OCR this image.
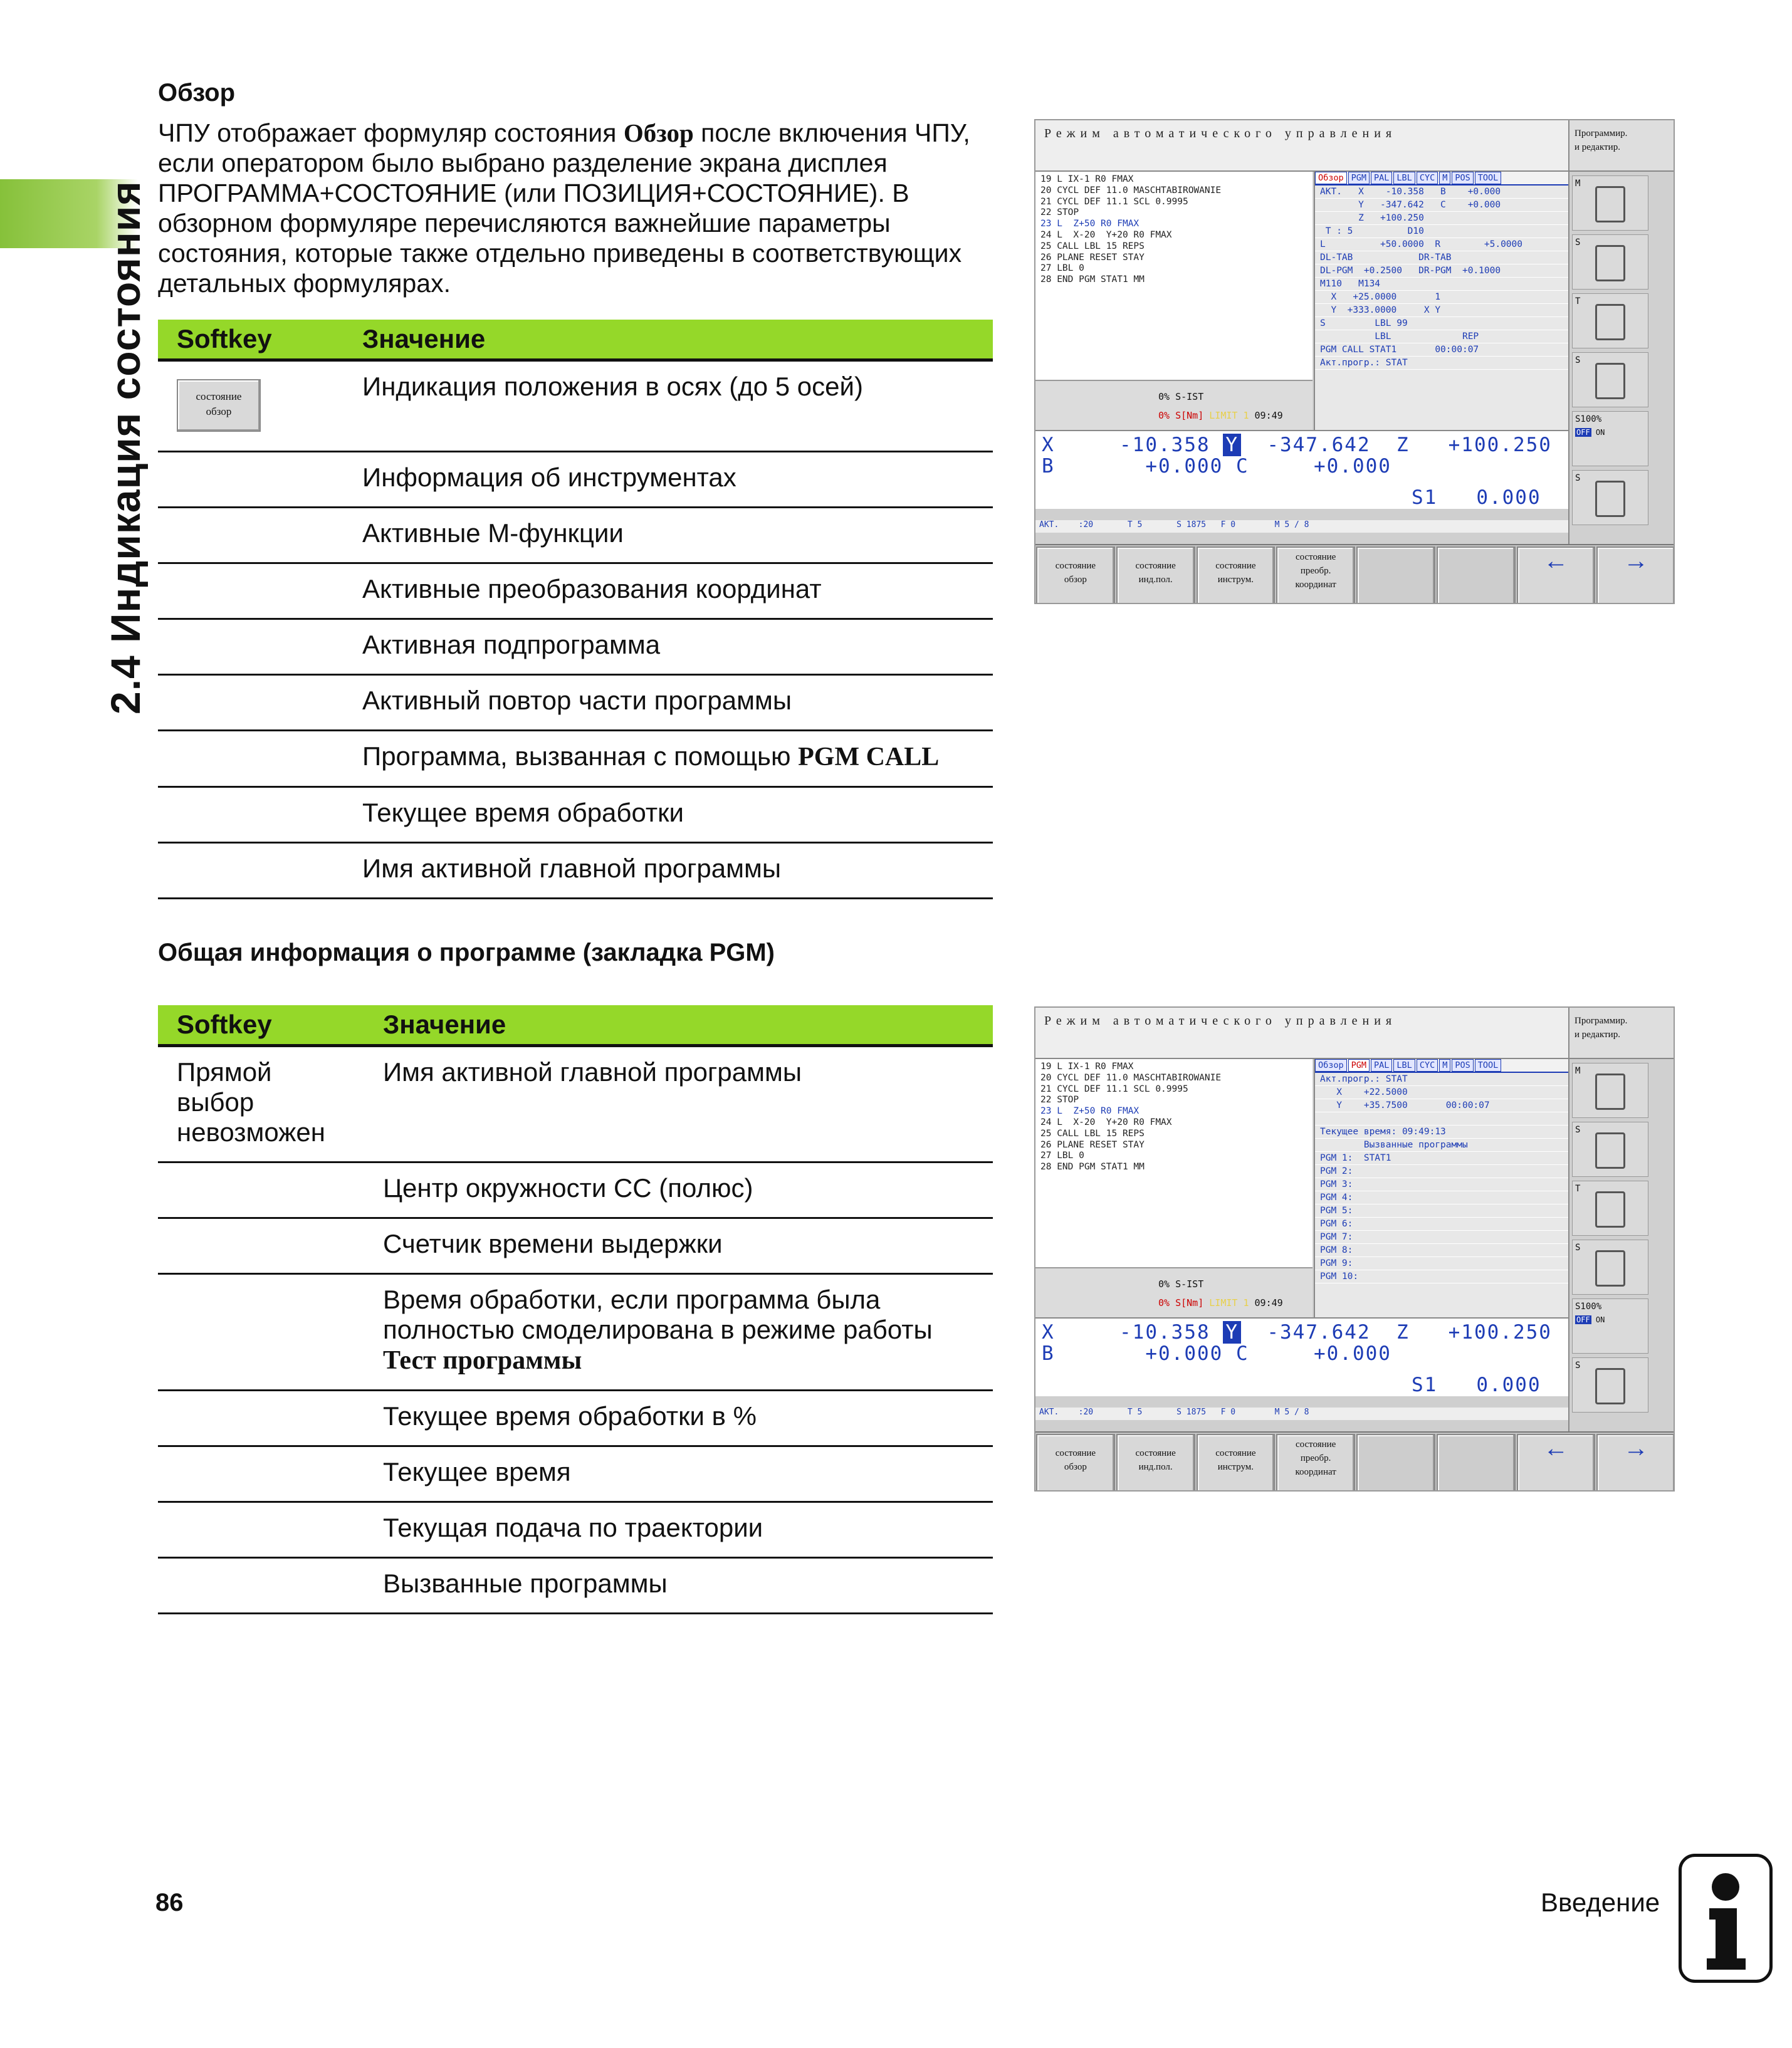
2.4 Индикация состояния
Обзор
ЧПУ отображает формуляр состояния Обзор после включения ЧПУ, если оператором было выбрано разделение экрана дисплея ПРОГРАММА+СОСТОЯНИЕ (или ПОЗИЦИЯ+СОСТОЯНИЕ). В обзорном формуляре перечисляются важнейшие параметры состояния, которые также отдельно приведены в соответствующих детальных формулярах.
Softkey	Значение

состояние
обзор	Индикация положения в осях (до 5 осей)
	Информация об инструментах
	Активные M-функции
	Активные преобразования координат
	Активная подпрограмма
	Активный повтор части программы
	Программа, вызванная с помощью PGM CALL
	Текущее время обработки
	Имя активной главной программы
Общая информация о программе (закладка PGM)
Softkey	Значение
Прямой выбор невозможен	Имя активной главной программы
	Центр окружности CC (полюс)
	Счетчик времени выдержки
	Время обработки, если программа была полностью смоделирована в режиме работы Тест программы
	Текущее время обработки в %
	Текущее время
	Текущая подача по траектории
	Вызванные программы
Режим автоматического управления	Программир.
и редактир.
19 L IX-1 R0 FMAX
20 CYCL DEF 11.0 MASCHTABIROWANIE
21 CYCL DEF 11.1 SCL 0.9995
22 STOP
23 L  Z+50 R0 FMAX
24 L  X-20  Y+20 R0 FMAX
25 CALL LBL 15 REPS
26 PLANE RESET STAY
27 LBL 0
28 END PGM STAT1 MM
0% S-IST
0% S[Nm] LIMIT 1 09:49
Обзор PGM PAL LBL CYC M POS TOOL
АКТ.   X    -10.358   B    +0.000
Y   -347.642   C    +0.000
Z   +100.250
T : 5          D10
L          +50.0000  R        +5.0000
DL-TAB            DR-TAB
DL-PGM  +0.2500   DR-PGM  +0.1000
M110   M134
X   +25.0000       1
Y  +333.0000     X Y
S         LBL 99
LBL             REP
PGM CALL STAT1       00:00:07
Акт.прогр.: STAT
M
S
T
S
S100%
OFF ON
S
X	-10.358 Y -347.642 Z +100.250
B	+0.000 C	+0.000
S1   0.000
АКТ.    :20       T 5       S 1875   F 0        M 5 / 8
состояние
обзор
состояние
инд.пол.
состояние
инструм.
состояние
преобр.
координат
←	→
Режим автоматического управления	Программир.
и редактир.
19 L IX-1 R0 FMAX
20 CYCL DEF 11.0 MASCHTABIROWANIE
21 CYCL DEF 11.1 SCL 0.9995
22 STOP
23 L  Z+50 R0 FMAX
24 L  X-20  Y+20 R0 FMAX
25 CALL LBL 15 REPS
26 PLANE RESET STAY
27 LBL 0
28 END PGM STAT1 MM
0% S-IST
0% S[Nm] LIMIT 1 09:49
Обзор PGM PAL LBL CYC M POS TOOL
Акт.прогр.: STAT
X    +22.5000
Y    +35.7500       00:00:07
Текущее время: 09:49:13
Вызванные программы
PGM 1:  STAT1
PGM 2:
PGM 3:
PGM 4:
PGM 5:
PGM 6:
PGM 7:
PGM 8:
PGM 9:
PGM 10:
M
S
T
S
S100%
OFF ON
S
X	-10.358 Y -347.642 Z +100.250
B	+0.000 C	+0.000
S1   0.000
АКТ.    :20       T 5       S 1875   F 0        M 5 / 8
состояние
обзор
состояние
инд.пол.
состояние
инструм.
состояние
преобр.
координат
←	→
86	Введение
